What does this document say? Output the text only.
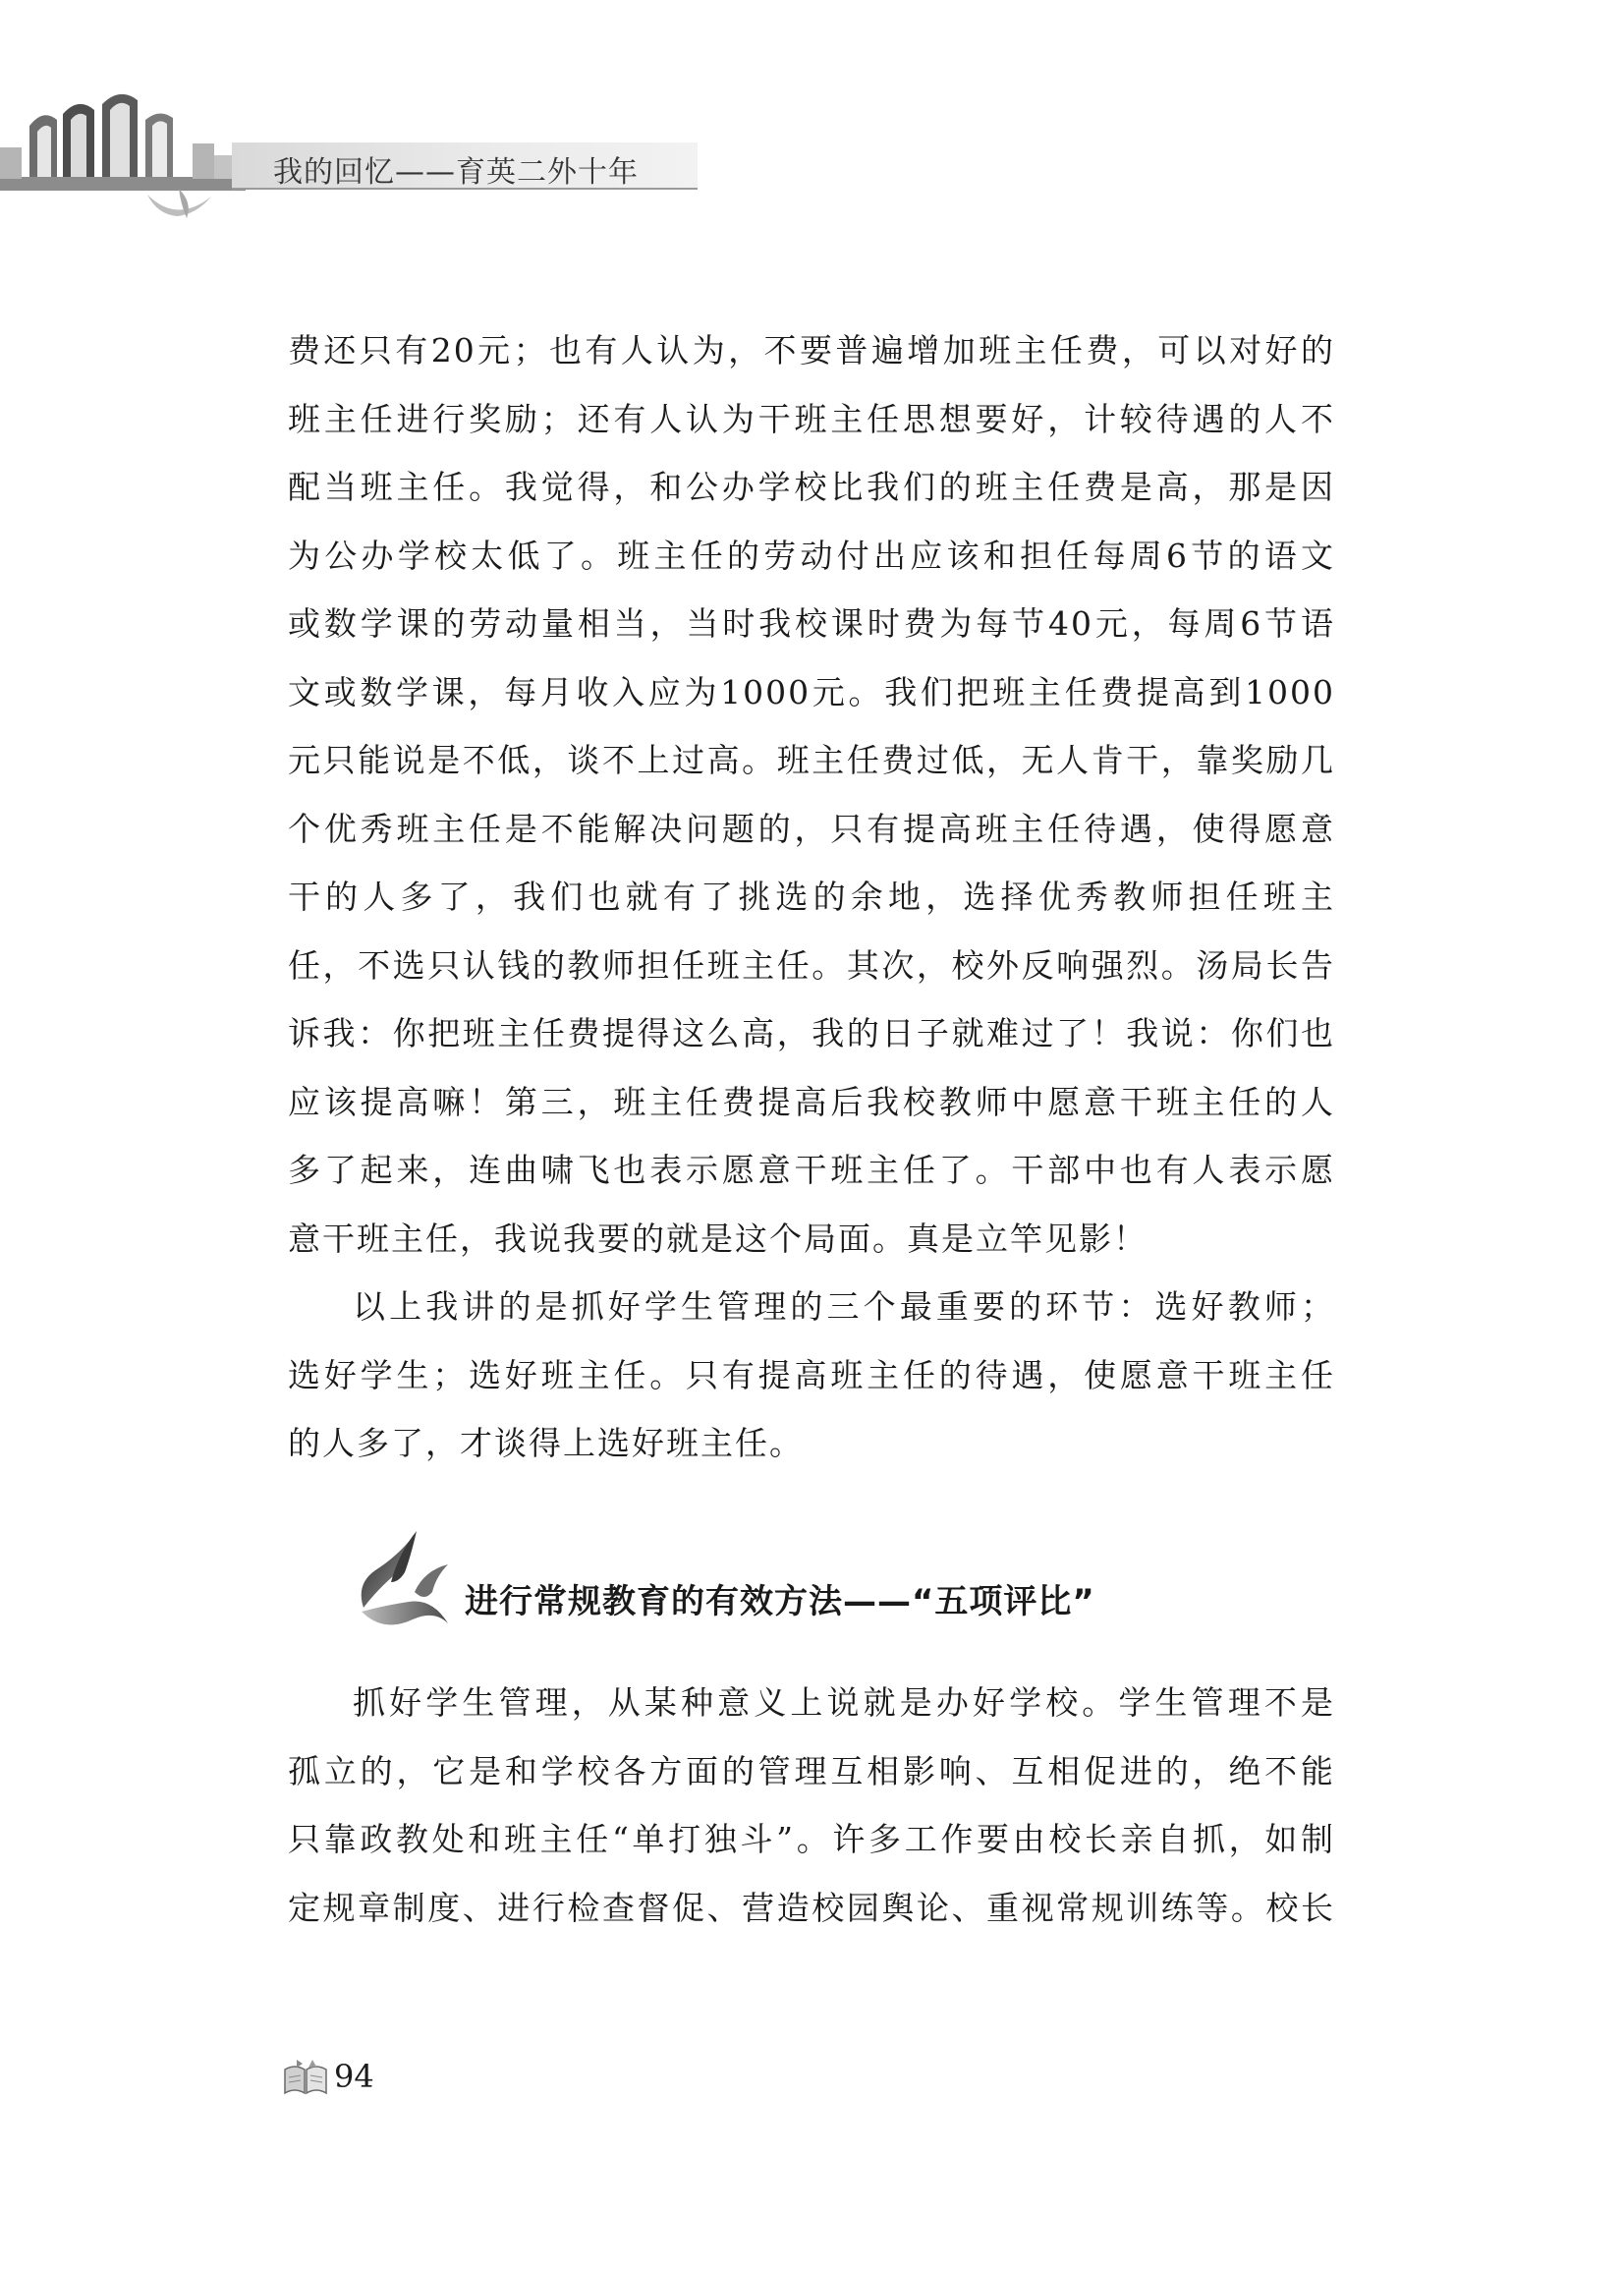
我的回忆——育英二外十年

费还只有20元；也有人认为，不要普遍增加班主任费，可以对好的

班主任进行奖励；还有人认为干班主任思想要好，计较待遇的人不

配当班主任。我觉得，和公办学校比我们的班主任费是高，那是因

为公办学校太低了。班主任的劳动付出应该和担任每周6节的语文

或数学课的劳动量相当，当时我校课时费为每节40元，每周6节语

文或数学课，每月收入应为1000元。我们把班主任费提高到1000

元只能说是不低，谈不上过高。班主任费过低，无人肯干，靠奖励几

个优秀班主任是不能解决问题的，只有提高班主任待遇，使得愿意

干的人多了，我们也就有了挑选的余地，选择优秀教师担任班主

任，不选只认钱的教师担任班主任。其次，校外反响强烈。汤局长告

诉我：你把班主任费提得这么高，我的日子就难过了！我说：你们也

应该提高嘛！第三，班主任费提高后我校教师中愿意干班主任的人

多了起来，连曲啸飞也表示愿意干班主任了。干部中也有人表示愿

意干班主任，我说我要的就是这个局面。真是立竿见影！

以上我讲的是抓好学生管理的三个最重要的环节：选好教师；

选好学生；选好班主任。只有提高班主任的待遇，使愿意干班主任

的人多了，才谈得上选好班主任。

进行常规教育的有效方法——“五项评比”

抓好学生管理，从某种意义上说就是办好学校。学生管理不是

孤立的，它是和学校各方面的管理互相影响、互相促进的，绝不能

只靠政教处和班主任“单打独斗”。许多工作要由校长亲自抓，如制

定规章制度、进行检查督促、营造校园舆论、重视常规训练等。校长

94
